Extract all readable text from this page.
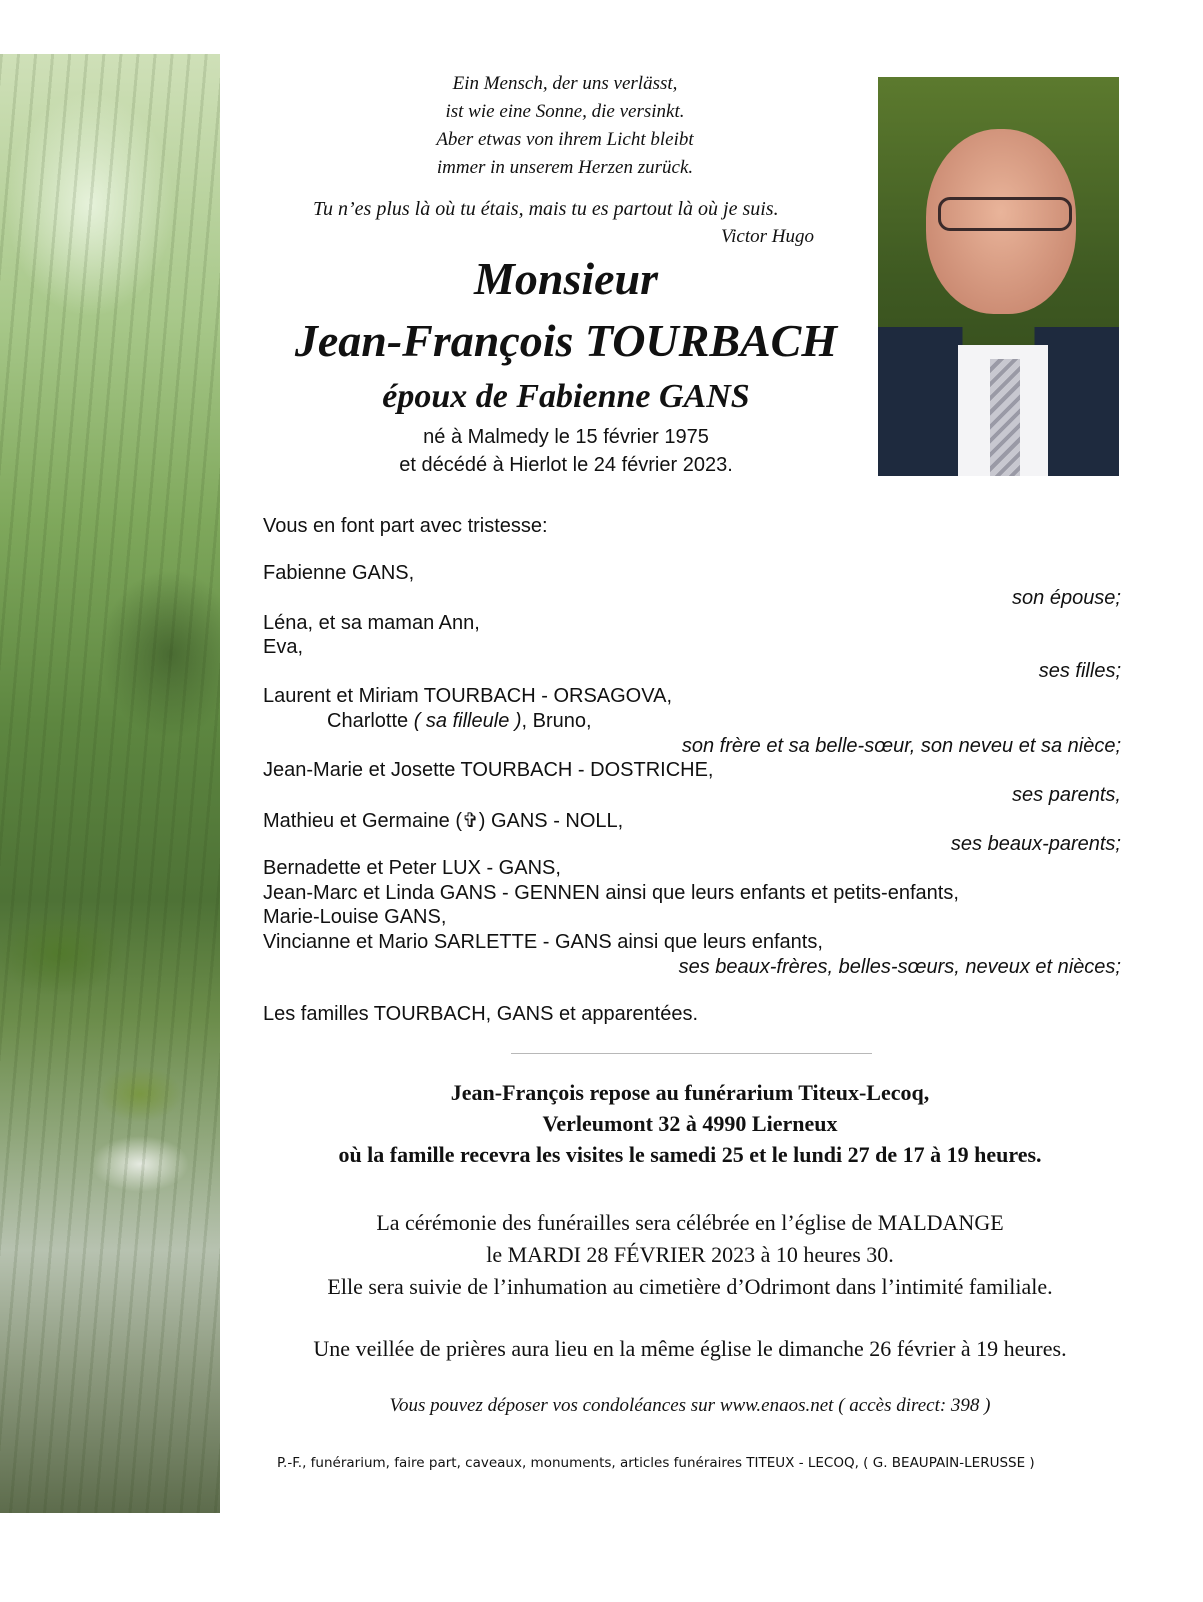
Ein Mensch, der uns verlässt,

ist wie eine Sonne, die versinkt.

Aber etwas von ihrem Licht bleibt

immer in unserem Herzen zurück.

Tu n’es plus là où tu étais, mais tu es partout là où je suis.

Victor Hugo

Monsieur

Jean-François TOURBACH

époux de Fabienne GANS

né à Malmedy le 15 février 1975

et décédé à Hierlot le 24 février 2023.

Vous en font part avec tristesse:

Fabienne GANS,

son épouse;

Léna, et sa maman Ann,

Eva,

ses filles;

Laurent et Miriam TOURBACH - ORSAGOVA,

Charlotte ( sa filleule ), Bruno,

son frère et sa belle-sœur, son neveu et sa nièce;

Jean-Marie et Josette TOURBACH - DOSTRICHE,

ses parents,

Mathieu et Germaine (✞) GANS - NOLL,

ses beaux-parents;

Bernadette et Peter LUX - GANS,

Jean-Marc et Linda GANS - GENNEN ainsi que leurs enfants et petits-enfants,

Marie-Louise GANS,

Vincianne et Mario SARLETTE - GANS ainsi que leurs enfants,

ses beaux-frères, belles-sœurs, neveux et nièces;

Les familles TOURBACH, GANS et apparentées.

Jean-François repose au funérarium Titeux-Lecoq,

Verleumont 32 à 4990 Lierneux

où la famille recevra les visites le samedi 25 et le lundi 27 de 17 à 19 heures.

La cérémonie des funérailles sera célébrée en l’église de MALDANGE

le MARDI 28 FÉVRIER 2023 à 10 heures 30.

Elle sera suivie de l’inhumation au cimetière d’Odrimont dans l’intimité familiale.

Une veillée de prières aura lieu en la même église le dimanche 26 février à 19 heures.

Vous pouvez déposer vos condoléances sur www.enaos.net ( accès direct: 398 )

P.-F., funérarium, faire part, caveaux, monuments, articles funéraires TITEUX - LECOQ, ( G. BEAUPAIN-LERUSSE )
